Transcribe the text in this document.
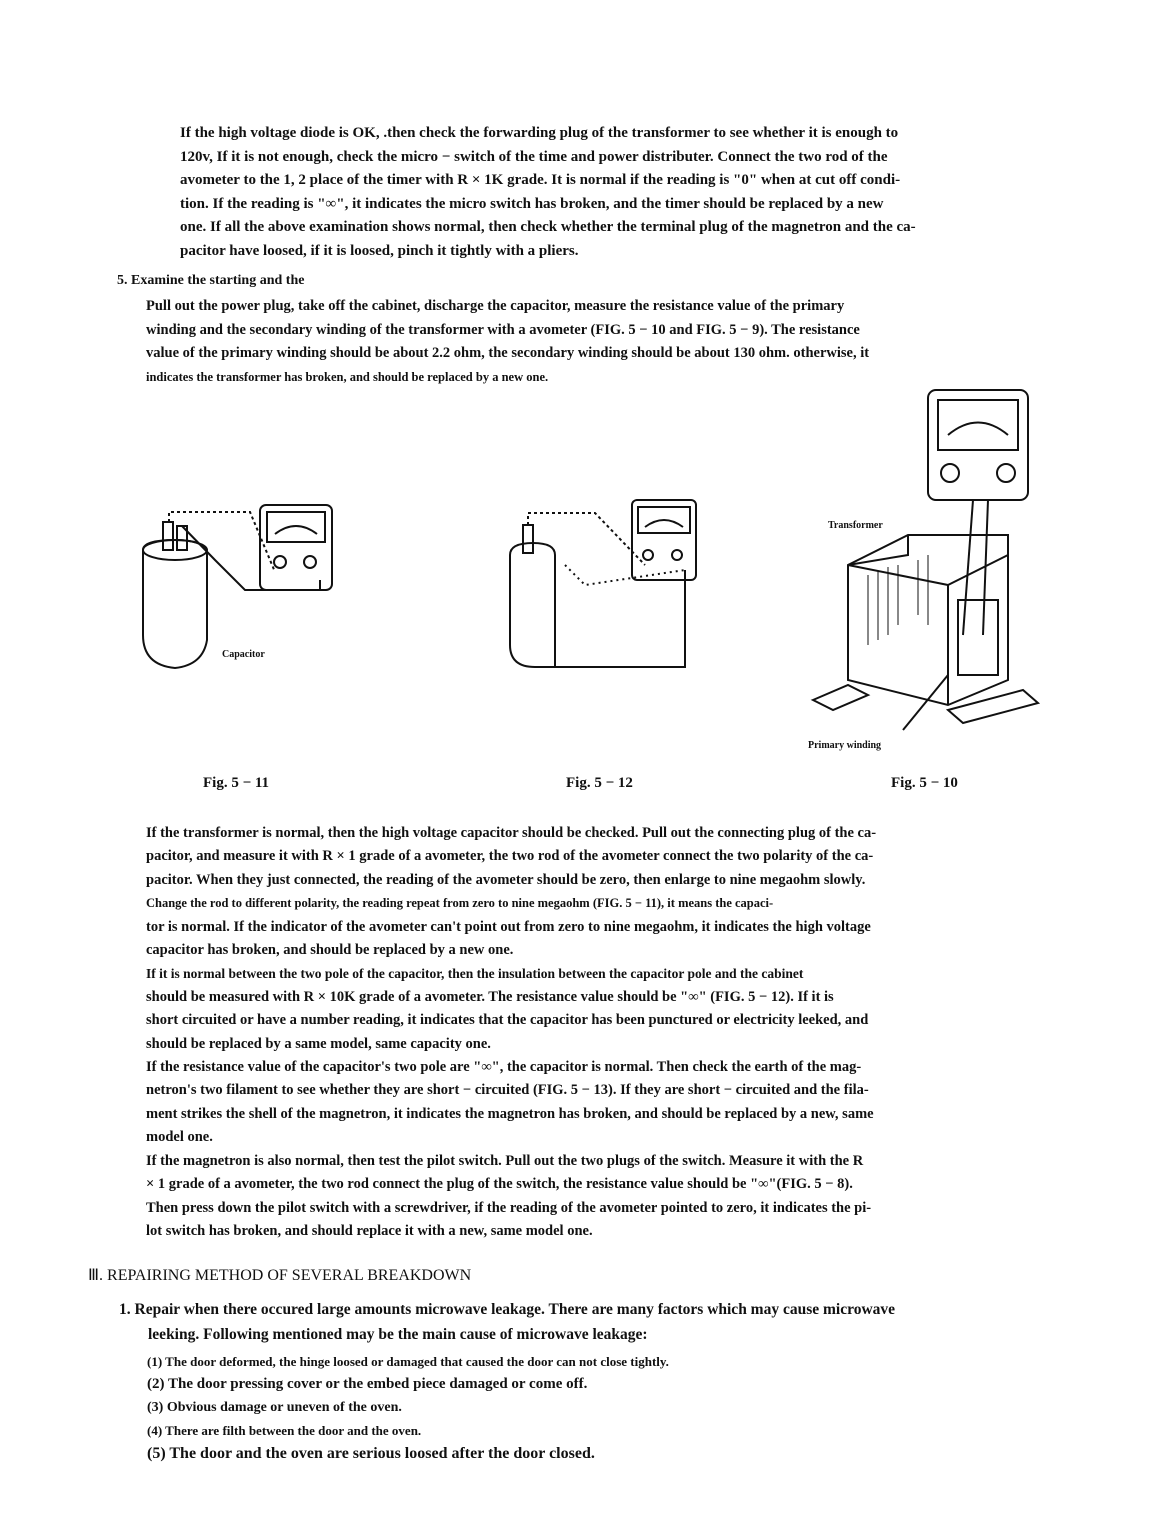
If the high voltage diode is OK, .then check the forwarding plug of the transformer to see whether it is enough to

120v, If it is not enough, check the micro − switch of the time and power distributer. Connect the two rod of the

avometer to the 1, 2 place of the timer with R × 1K grade. It is normal if the reading is "0" when at cut off condi-

tion. If the reading is "∞", it indicates the micro switch has broken, and the timer should be replaced by a new

one. If all the above examination shows normal, then check whether the terminal plug of the magnetron and the ca-

pacitor have loosed, if it is loosed, pinch it tightly with a pliers.

5. Examine the starting and the

Pull out the power plug, take off the cabinet, discharge the capacitor, measure the resistance value of the primary

winding and the secondary winding of the transformer with a avometer (FIG. 5 − 10 and FIG. 5 − 9). The resistance

value of the primary winding should be about 2.2 ohm, the secondary winding should be about 130 ohm. otherwise, it

indicates the transformer has broken, and should be replaced by a new one.

Capacitor
Fig. 5 − 11	Fig. 5 − 12
Transformer
Primary winding
Fig. 5 − 10

If the transformer is normal, then the high voltage capacitor should be checked. Pull out the connecting plug of the ca-

pacitor, and measure it with R × 1 grade of a avometer, the two rod of the avometer connect the two polarity of the ca-

pacitor. When they just connected, the reading of the avometer should be zero, then enlarge to nine megaohm slowly.

Change the rod to different polarity, the reading repeat from zero to nine megaohm (FIG. 5 − 11), it means the capaci-

tor is normal. If the indicator of the avometer can't point out from zero to nine megaohm, it indicates the high voltage

capacitor has broken, and should be replaced by a new one.

If it is normal between the two pole of the capacitor, then the insulation between the capacitor pole and the cabinet

should be measured with R × 10K grade of a avometer. The resistance value should be "∞" (FIG. 5 − 12). If it is

short circuited or have a number reading, it indicates that the capacitor has been punctured or electricity leeked, and

should be replaced by a same model, same capacity one.

If the resistance value of the capacitor's two pole are "∞", the capacitor is normal. Then check the earth of the mag-

netron's two filament to see whether they are short − circuited (FIG. 5 − 13). If they are short − circuited and the fila-

ment strikes the shell of the magnetron, it indicates the magnetron has broken, and should be replaced by a new, same

model one.

If the magnetron is also normal, then test the pilot switch. Pull out the two plugs of the switch. Measure it with the R

× 1 grade of a avometer, the two rod connect the plug of the switch, the resistance value should be "∞"(FIG. 5 − 8).

Then press down the pilot switch with a screwdriver, if the reading of the avometer pointed to zero, it indicates the pi-

lot switch has broken, and should replace it with a new, same model one.

Ⅲ. REPAIRING METHOD OF SEVERAL BREAKDOWN

1. Repair when there occured large amounts microwave leakage. There are many factors which may cause microwave

leeking. Following mentioned may be the main cause of microwave leakage:

(1) The door deformed, the hinge loosed or damaged that caused the door can not close tightly.
(2) The door pressing cover or the embed piece damaged or come off.
(3) Obvious damage or uneven of the oven.
(4) There are filth between the door and the oven.
(5) The door and the oven are serious loosed after the door closed.
